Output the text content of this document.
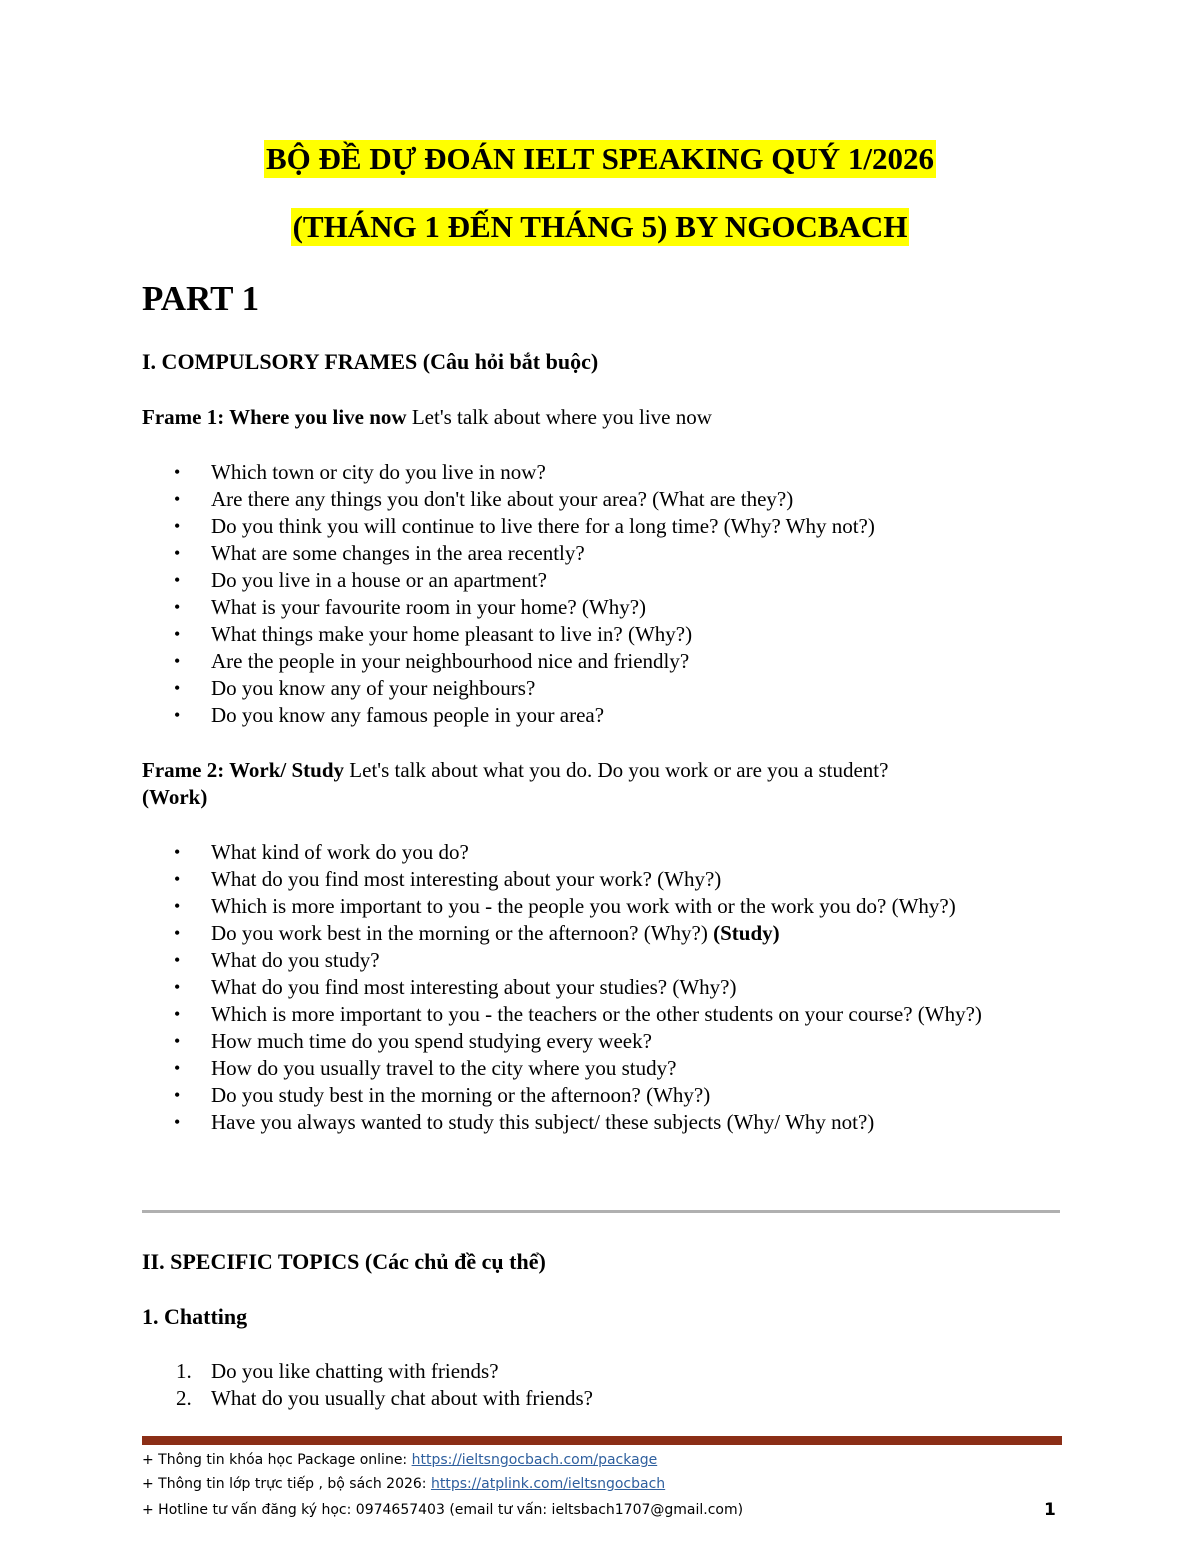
BỘ ĐỀ DỰ ĐOÁN IELT SPEAKING QUÝ 1/2026
(THÁNG 1 ĐẾN THÁNG 5) BY NGOCBACH
PART 1
I. COMPULSORY FRAMES (Câu hỏi bắt buộc)
Frame 1: Where you live now Let's talk about where you live now
• Which town or city do you live in now?
• Are there any things you don't like about your area? (What are they?)
• Do you think you will continue to live there for a long time? (Why? Why not?)
• What are some changes in the area recently?
• Do you live in a house or an apartment?
• What is your favourite room in your home? (Why?)
• What things make your home pleasant to live in? (Why?)
• Are the people in your neighbourhood nice and friendly?
• Do you know any of your neighbours?
• Do you know any famous people in your area?
Frame 2: Work/ Study Let's talk about what you do. Do you work or are you a student?
(Work)
• What kind of work do you do?
• What do you find most interesting about your work? (Why?)
• Which is more important to you - the people you work with or the work you do? (Why?)
• Do you work best in the morning or the afternoon? (Why?) (Study)
• What do you study?
• What do you find most interesting about your studies? (Why?)
• Which is more important to you - the teachers or the other students on your course? (Why?)
• How much time do you spend studying every week?
• How do you usually travel to the city where you study?
• Do you study best in the morning or the afternoon? (Why?)
• Have you always wanted to study this subject/ these subjects (Why/ Why not?)
II. SPECIFIC TOPICS (Các chủ đề cụ thể)
1. Chatting
1. Do you like chatting with friends?
2. What do you usually chat about with friends?
+ Thông tin khóa học Package online: https://ieltsngocbach.com/package
+ Thông tin lớp trực tiếp , bộ sách 2026: https://atplink.com/ieltsngocbach
+ Hotline tư vấn đăng ký học: 0974657403 (email tư vấn: ieltsbach1707@gmail.com)	1
